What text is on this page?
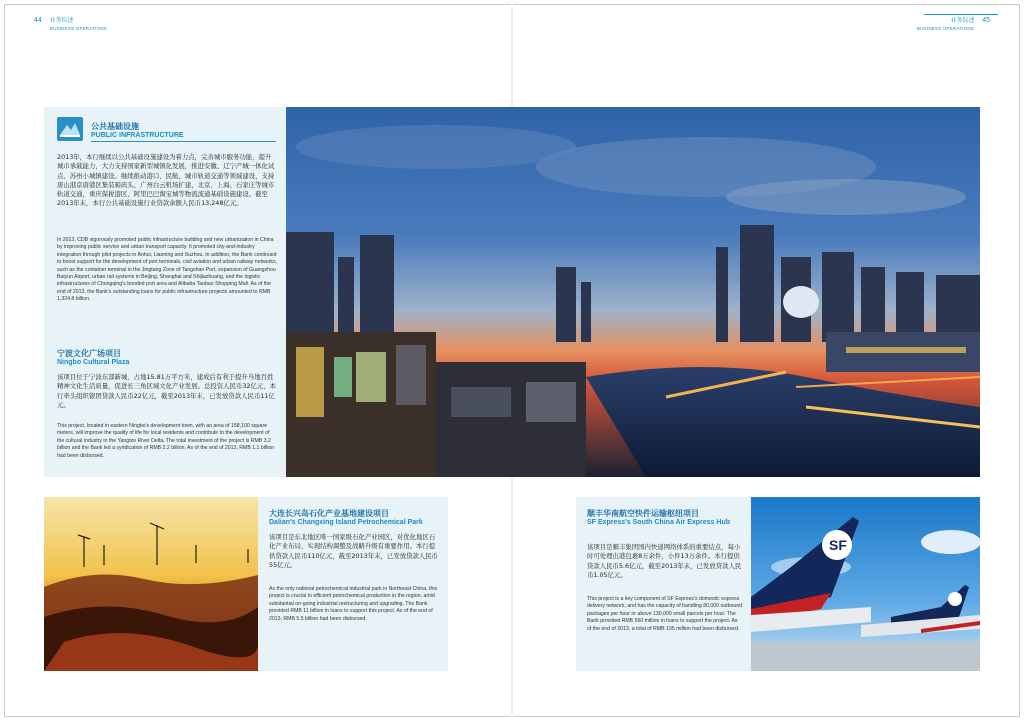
44 业务综述
BUSINESS OPERATIONS
业务综述 45
BUSINESS OPERATIONS
公共基础设施
PUBLIC INFRASTRUCTURE
2013年，本行继续以公共基础设施建设为着力点，完善城市服务功能，提升城市承载能力，大力支持国家新型城镇化发展，推进安徽、辽宁产城一体化试点、苏州小城镇建设。继续推动港口、民航、城市轨道交通等领域建设，支持唐山港京唐港区集装箱码头、广州白云机场扩建，北京、上海、石家庄等城市轨道交通，重庆保税港区、阿里巴巴淘宝城等物流流通基础设施建设。截至2013年末，本行公共基础设施行业贷款余额人民币13,248亿元。
In 2013, CDB vigorously promoted public infrastructure building and new urbanization in China by improving public service and urban transport capacity. It promoted city-and-industry integration through pilot projects in Anhui, Liaoning and Suzhou. In addition, the Bank continued to boost support for the development of port terminals, civil aviation and urban railway networks, such as the container terminal in the Jingtang Zone of Tangshan Port, expansion of Guangzhou Baiyun Airport, urban rail systems in Beijing, Shanghai and Shijiazhuang, and the logistic infrastructures of Chongqing's bonded port area and Alibaba Taobao Shopping Mall. As of the end of 2013, the Bank's outstanding loans for public infrastructure projects amounted to RMB 1,324.8 billion.
宁波文化广场项目
Ningbo Cultural Plaza
该项目位于宁波东部新城，占地15.81万平方米，建成后有利于提升当地百姓精神文化生活质量，促进长三角区域文化产业发展。总投资人民币32亿元，本行牵头组织银团贷款人民币22亿元，截至2013年末，已发放贷款人民币11亿元。
This project, located in eastern Ningbo's development town, with an area of 158,100 square meters, will improve the quality of life for local residents and contribute to the development of the cultural industry in the Yangtze River Delta. The total investment of the project is RMB 3.2 billion and the Bank led a syndication of RMB 2.2 billion. As of the end of 2013, RMB 1.1 billion had been disbursed.
大连长兴岛石化产业基地建设项目
Dalian's Changxing Island Petrochemical Park
该项目是东北地区唯一国家级石化产业园区，对优化地区石化产业布局、实现结构调整及战略升级有重要作用。本行提供贷款人民币110亿元，截至2013年末，已发放贷款人民币55亿元。
As the only national petrochemical industrial park in Northeast China, this project is crucial to efficient petrochemical production in the region, amid substantial on-going industrial restructuring and upgrading. The Bank provided RMB 11 billion in loans to support this project. As of the end of 2013, RMB 5.5 billion had been disbursed.
顺丰华南航空快件运输枢纽项目
SF Express's South China Air Express Hub
该项目是顺丰集团国内快递网络体系的重要结点，每小时可处理出港包裹8万余件，小件13万余件。本行提供贷款人民币5.6亿元，截至2013年末，已发放贷款人民币1.05亿元。
This project is a key component of SF Express's domestic express delivery network, and has the capacity of handling 80,000 outbound packages per hour or above 130,000 small parcels per hour. The Bank provided RMB 560 million in loans to support the project. As of the end of 2013, a total of RMB 105 million had been disbursed.
SF
